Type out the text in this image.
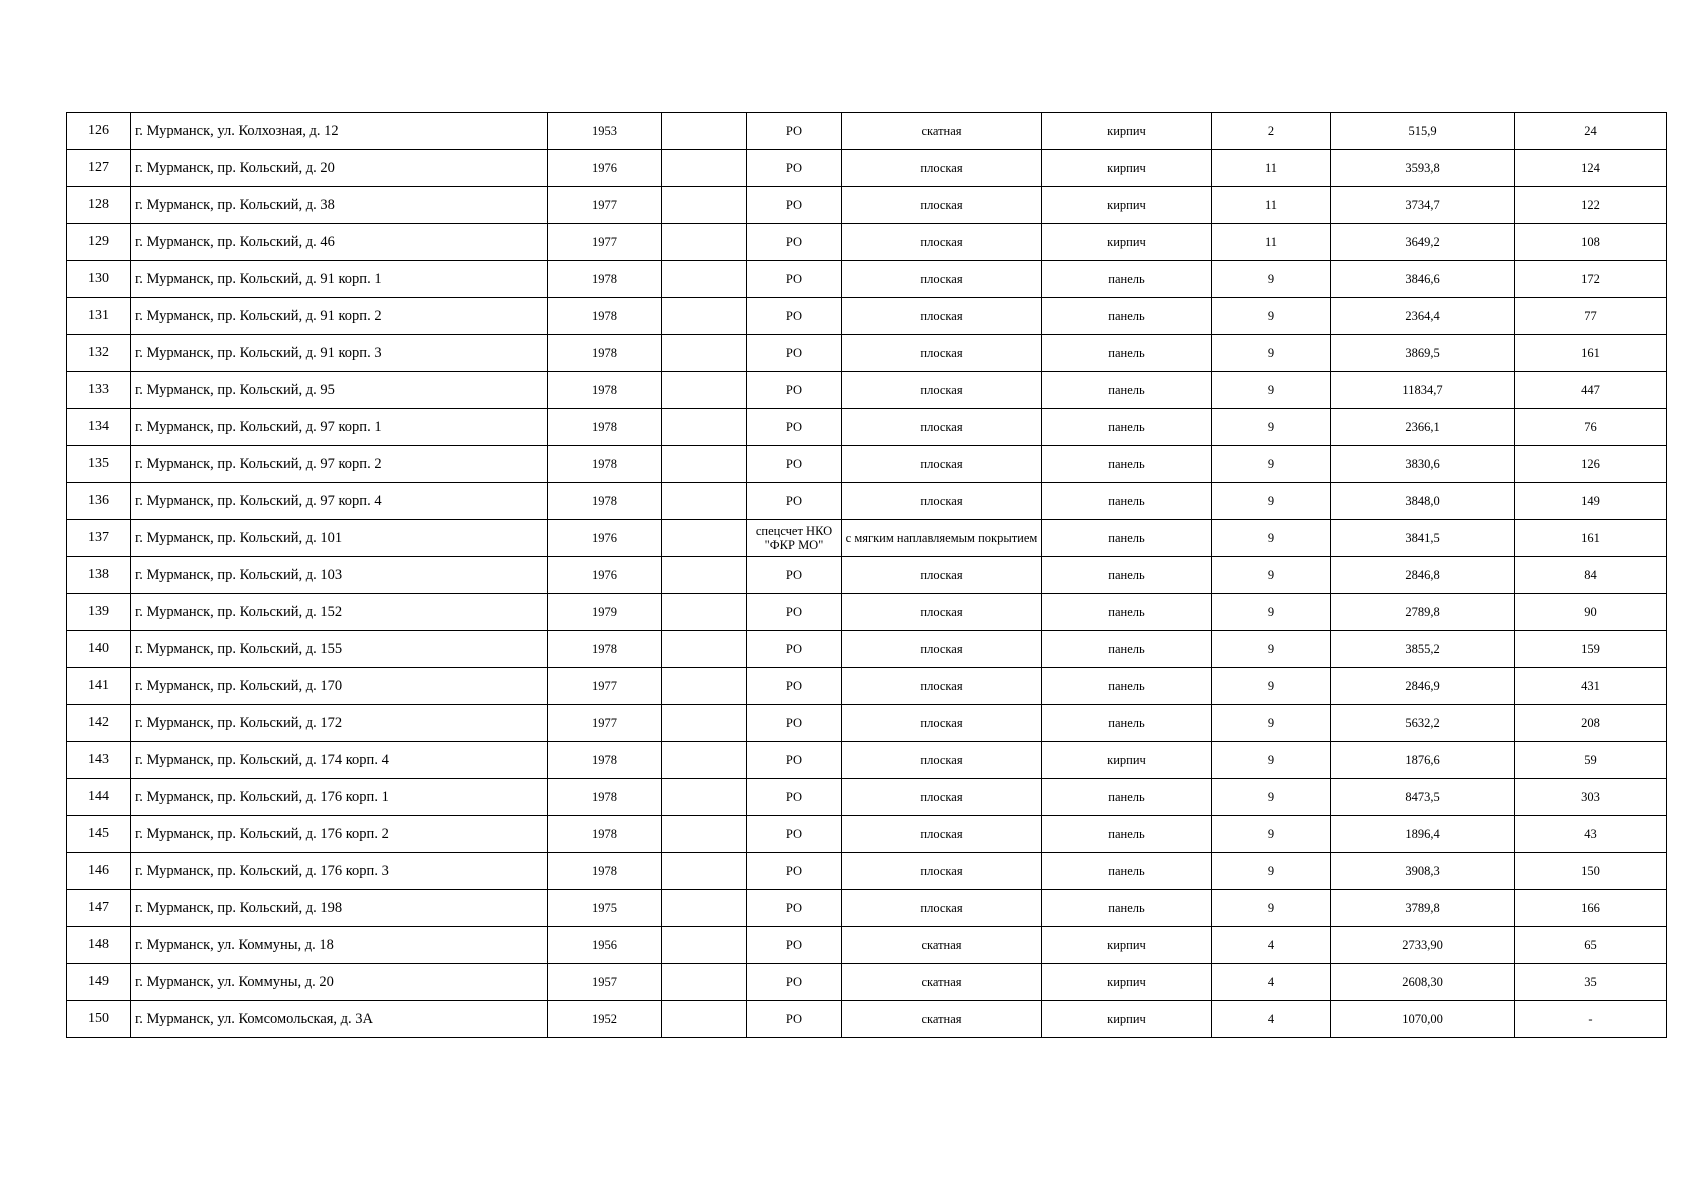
126	г. Мурманск, ул. Колхозная, д. 12	1953		РО	скатная	кирпич	2	515,9	24
127	г. Мурманск, пр. Кольский, д. 20	1976		РО	плоская	кирпич	11	3593,8	124
128	г. Мурманск, пр. Кольский, д. 38	1977		РО	плоская	кирпич	11	3734,7	122
129	г. Мурманск, пр. Кольский, д. 46	1977		РО	плоская	кирпич	11	3649,2	108
130	г. Мурманск, пр. Кольский, д. 91 корп. 1	1978		РО	плоская	панель	9	3846,6	172
131	г. Мурманск, пр. Кольский, д. 91 корп. 2	1978		РО	плоская	панель	9	2364,4	77
132	г. Мурманск, пр. Кольский, д. 91 корп. 3	1978		РО	плоская	панель	9	3869,5	161
133	г. Мурманск, пр. Кольский, д. 95	1978		РО	плоская	панель	9	11834,7	447
134	г. Мурманск, пр. Кольский, д. 97 корп. 1	1978		РО	плоская	панель	9	2366,1	76
135	г. Мурманск, пр. Кольский, д. 97 корп. 2	1978		РО	плоская	панель	9	3830,6	126
136	г. Мурманск, пр. Кольский, д. 97 корп. 4	1978		РО	плоская	панель	9	3848,0	149
137	г. Мурманск, пр. Кольский, д. 101	1976		спецсчет НКО "ФКР МО"	с мягким наплавляемым покрытием	панель	9	3841,5	161
138	г. Мурманск, пр. Кольский, д. 103	1976		РО	плоская	панель	9	2846,8	84
139	г. Мурманск, пр. Кольский, д. 152	1979		РО	плоская	панель	9	2789,8	90
140	г. Мурманск, пр. Кольский, д. 155	1978		РО	плоская	панель	9	3855,2	159
141	г. Мурманск, пр. Кольский, д. 170	1977		РО	плоская	панель	9	2846,9	431
142	г. Мурманск, пр. Кольский, д. 172	1977		РО	плоская	панель	9	5632,2	208
143	г. Мурманск, пр. Кольский, д. 174 корп. 4	1978		РО	плоская	кирпич	9	1876,6	59
144	г. Мурманск, пр. Кольский, д. 176 корп. 1	1978		РО	плоская	панель	9	8473,5	303
145	г. Мурманск, пр. Кольский, д. 176 корп. 2	1978		РО	плоская	панель	9	1896,4	43
146	г. Мурманск, пр. Кольский, д. 176 корп. 3	1978		РО	плоская	панель	9	3908,3	150
147	г. Мурманск, пр. Кольский, д. 198	1975		РО	плоская	панель	9	3789,8	166
148	г. Мурманск, ул. Коммуны, д. 18	1956		РО	скатная	кирпич	4	2733,90	65
149	г. Мурманск, ул. Коммуны, д. 20	1957		РО	скатная	кирпич	4	2608,30	35
150	г. Мурманск, ул. Комсомольская, д. 3А	1952		РО	скатная	кирпич	4	1070,00	-
